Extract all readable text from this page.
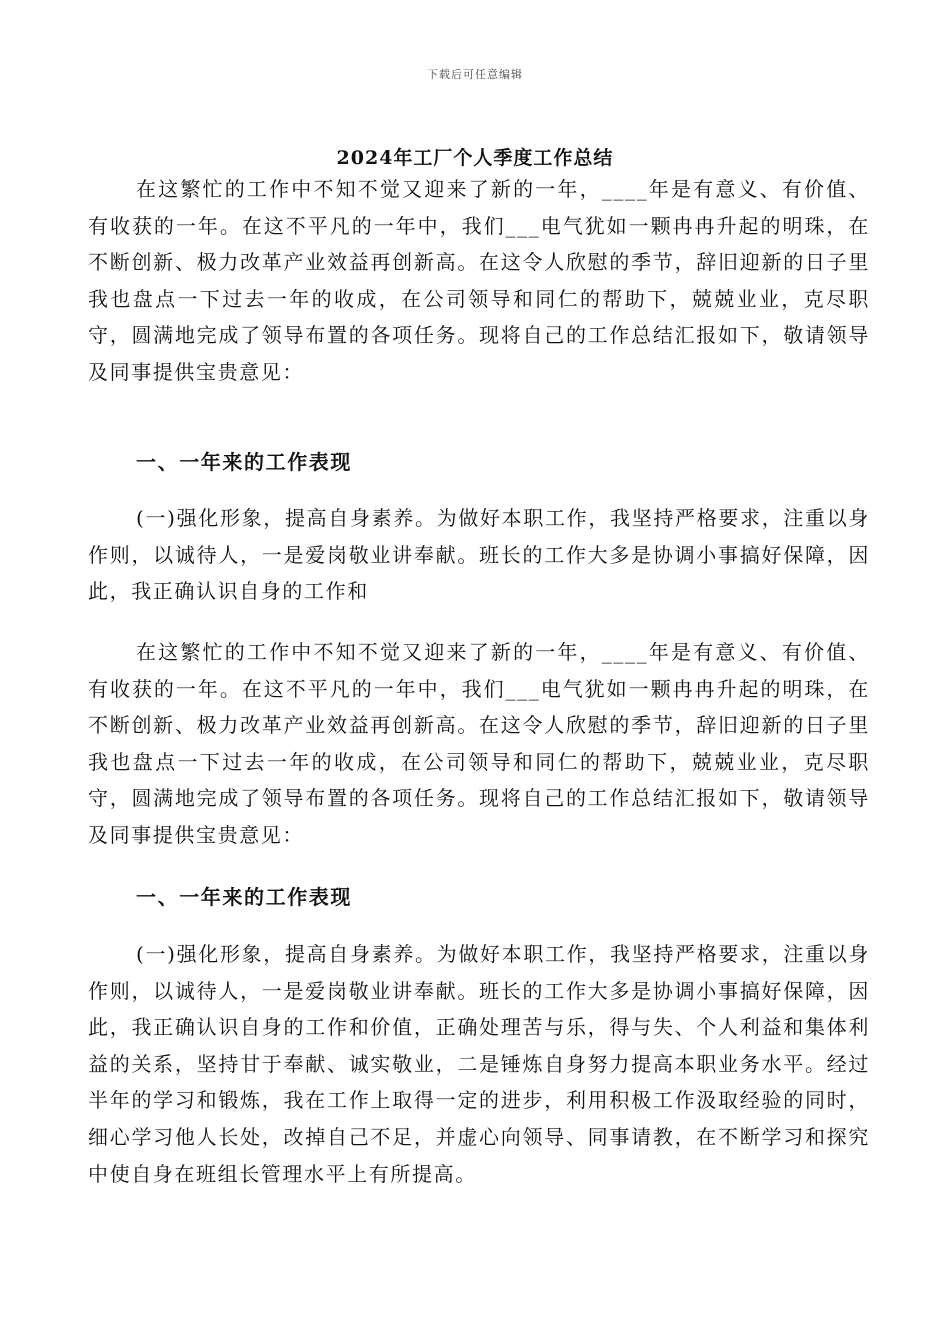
下载后可任意编辑
2024年工厂个人季度工作总结

在这繁忙的工作中不知不觉又迎来了新的一年，____年是有意义、有价值、有收获的一年。在这不平凡的一年中，我们___电气犹如一颗冉冉升起的明珠，在不断创新、极力改革产业效益再创新高。在这令人欣慰的季节，辞旧迎新的日子里我也盘点一下过去一年的收成，在公司领导和同仁的帮助下，兢兢业业，克尽职守，圆满地完成了领导布置的各项任务。现将自己的工作总结汇报如下，敬请领导及同事提供宝贵意见：

一、一年来的工作表现

(一)强化形象，提高自身素养。为做好本职工作，我坚持严格要求，注重以身作则，以诚待人，一是爱岗敬业讲奉献。班长的工作大多是协调小事搞好保障，因此，我正确认识自身的工作和

在这繁忙的工作中不知不觉又迎来了新的一年，____年是有意义、有价值、有收获的一年。在这不平凡的一年中，我们___电气犹如一颗冉冉升起的明珠，在不断创新、极力改革产业效益再创新高。在这令人欣慰的季节，辞旧迎新的日子里我也盘点一下过去一年的收成，在公司领导和同仁的帮助下，兢兢业业，克尽职守，圆满地完成了领导布置的各项任务。现将自己的工作总结汇报如下，敬请领导及同事提供宝贵意见：

一、一年来的工作表现

(一)强化形象，提高自身素养。为做好本职工作，我坚持严格要求，注重以身作则，以诚待人，一是爱岗敬业讲奉献。班长的工作大多是协调小事搞好保障，因此，我正确认识自身的工作和价值，正确处理苦与乐，得与失、个人利益和集体利益的关系，坚持甘于奉献、诚实敬业，二是锤炼自身努力提高本职业务水平。经过半年的学习和锻炼，我在工作上取得一定的进步，利用积极工作汲取经验的同时，细心学习他人长处，改掉自己不足，并虚心向领导、同事请教，在不断学习和探究中使自身在班组长管理水平上有所提高。
